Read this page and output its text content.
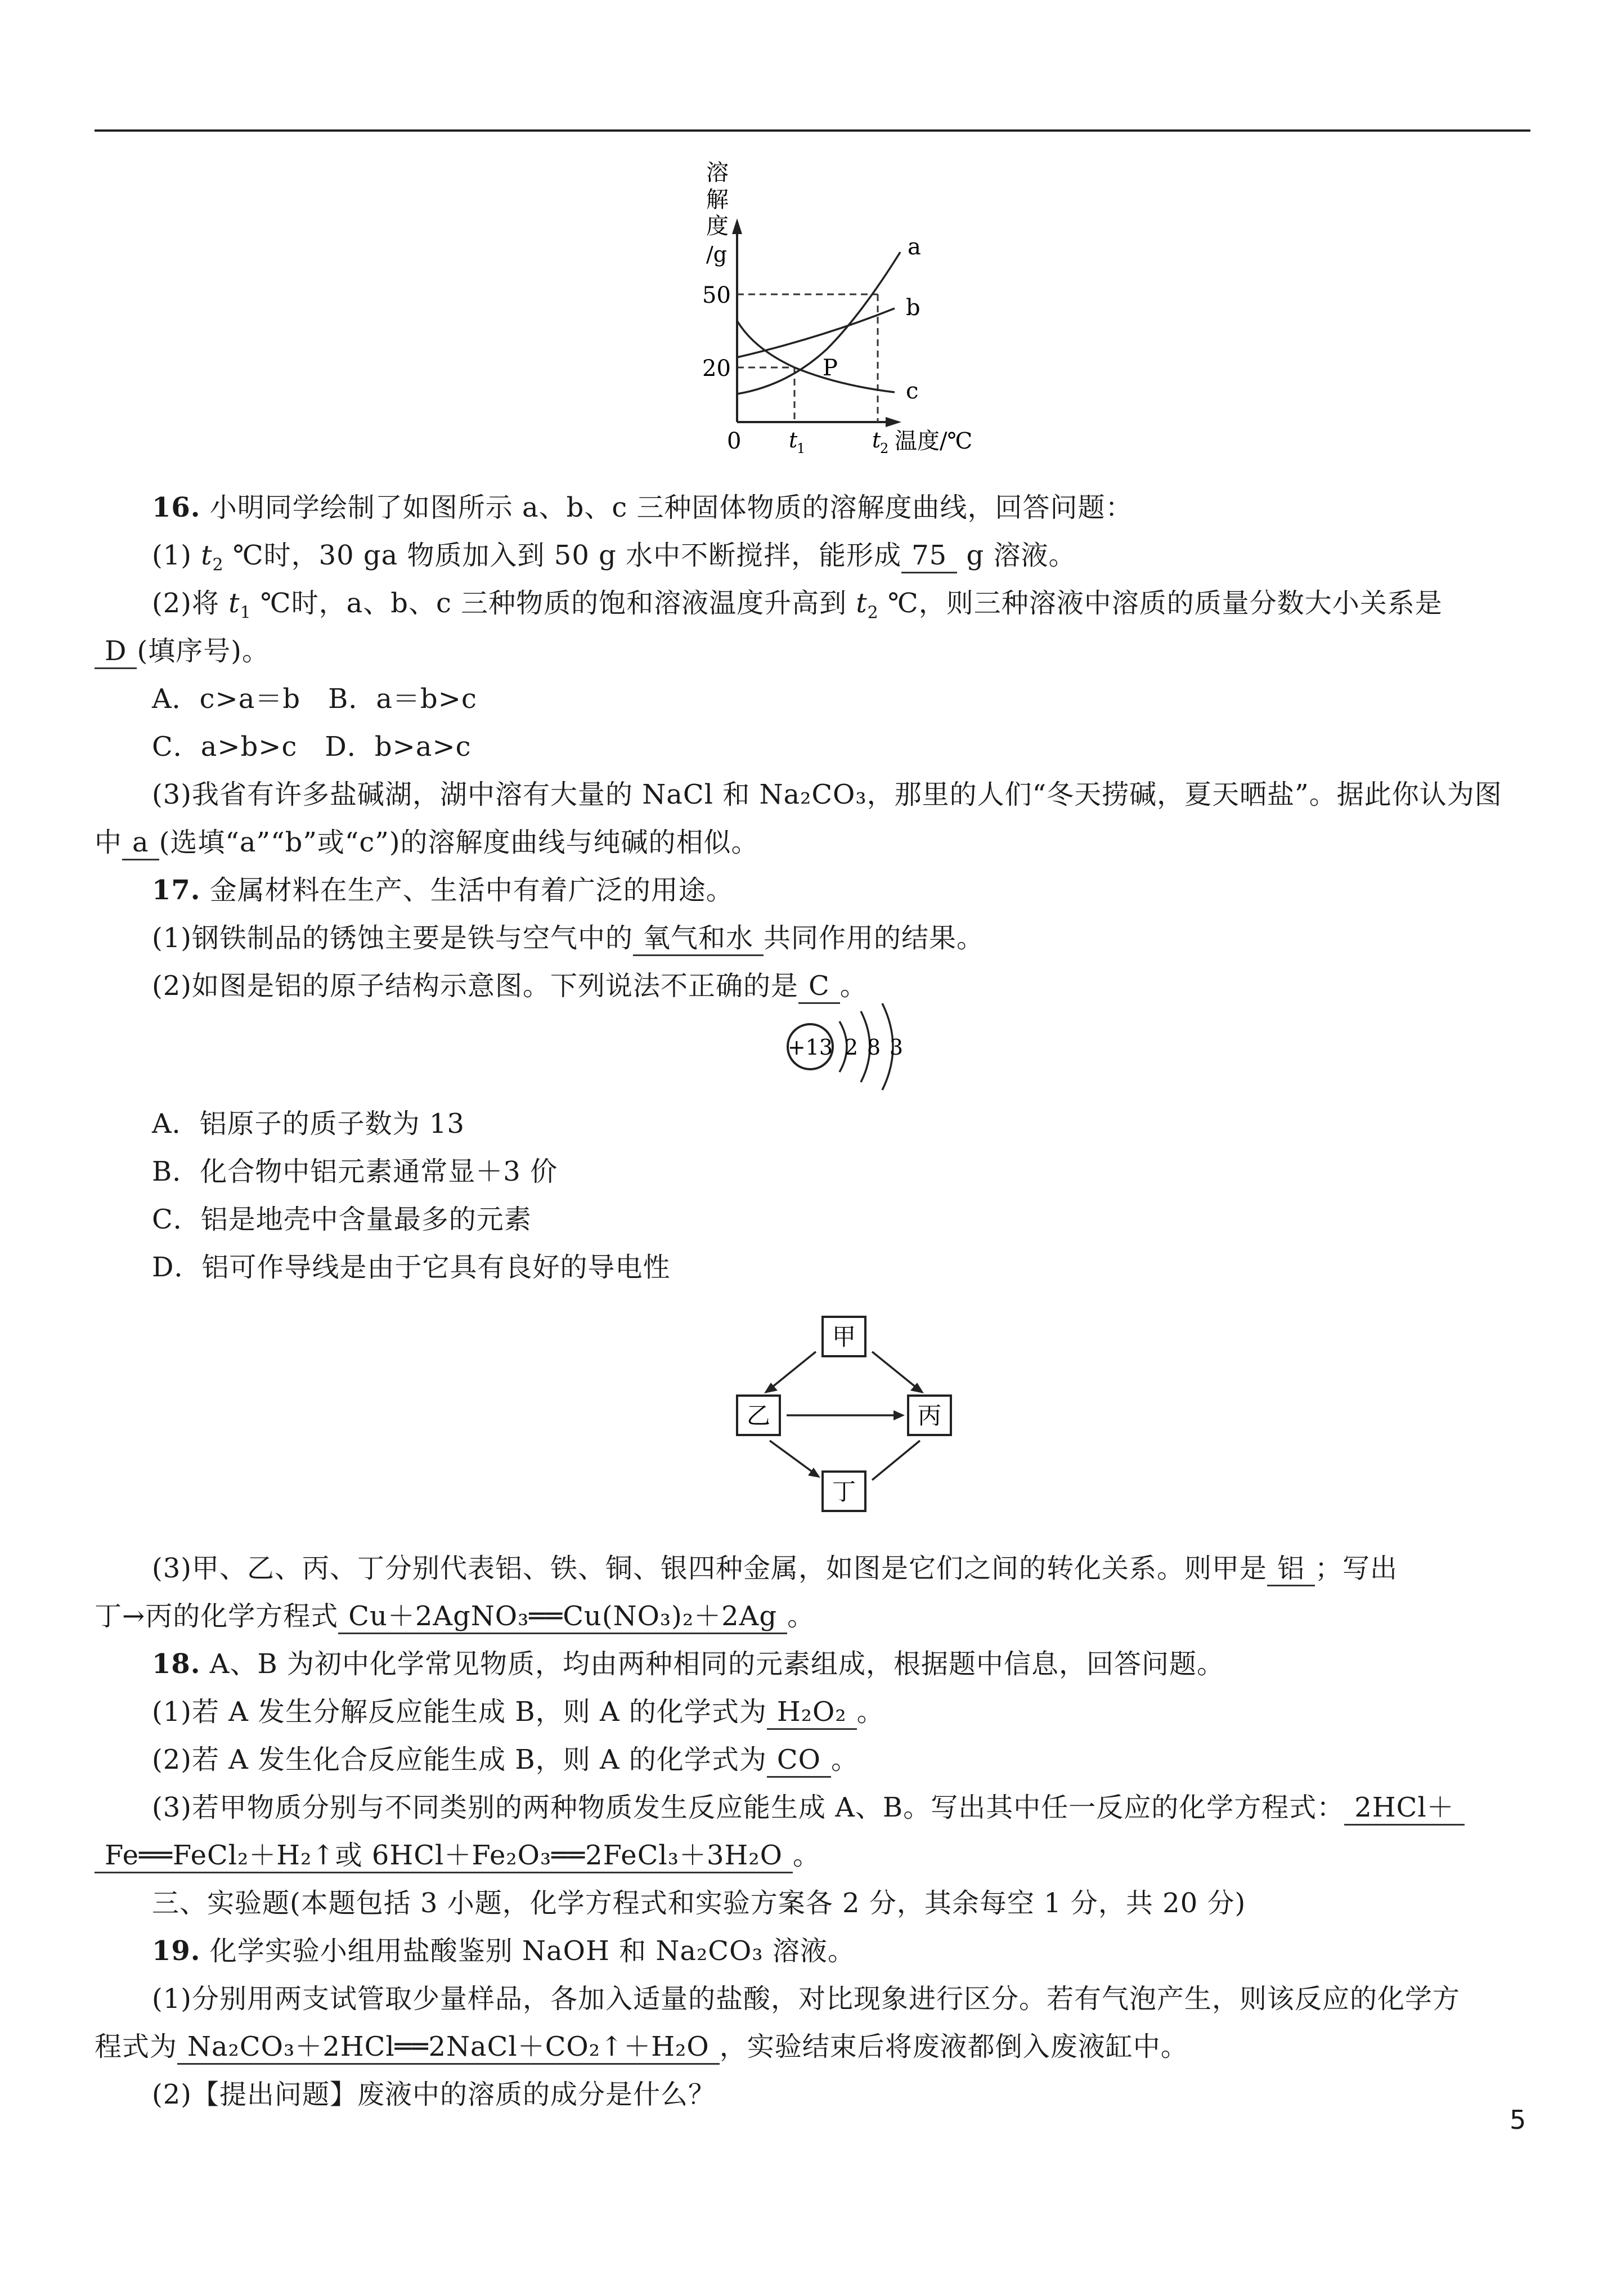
溶
解
度
/g
50
20
0
a
b
c
P
t
1	t
2 温度/℃
16. 小明同学绘制了如图所示 a、b、c 三种固体物质的溶解度曲线，回答问题：
(1) $t_2$ ℃时，30 ga 物质加入到 50 g 水中不断搅拌，能形成 75 g 溶液。
(2)将 $t_1$ ℃时，a、b、c 三种物质的饱和溶液温度升高到 $t_2$ ℃，则三种溶液中溶质的质量分数大小关系是
D (填序号)。
A．c>a＝b　B．a＝b>c
C．a>b>c　D．b>a>c
(3)我省有许多盐碱湖，湖中溶有大量的 NaCl 和 Na₂CO₃，那里的人们“冬天捞碱，夏天晒盐”。据此你认为图
中 a (选填“a”“b”或“c”)的溶解度曲线与纯碱的相似。
17. 金属材料在生产、生活中有着广泛的用途。
(1)钢铁制品的锈蚀主要是铁与空气中的 氧气和水 共同作用的结果。
(2)如图是铝的原子结构示意图。下列说法不正确的是 C 。
+13 2 8 3
A．铝原子的质子数为 13
B．化合物中铝元素通常显＋3 价
C．铝是地壳中含量最多的元素
D．铝可作导线是由于它具有良好的导电性
甲
乙	丙
丁
(3)甲、乙、丙、丁分别代表铝、铁、铜、银四种金属，如图是它们之间的转化关系。则甲是 铝 ；写出
丁→丙的化学方程式 Cu＋2AgNO₃══Cu(NO₃)₂＋2Ag 。
18. A、B 为初中化学常见物质，均由两种相同的元素组成，根据题中信息，回答问题。
(1)若 A 发生分解反应能生成 B，则 A 的化学式为 H₂O₂ 。
(2)若 A 发生化合反应能生成 B，则 A 的化学式为 CO 。
(3)若甲物质分别与不同类别的两种物质发生反应能生成 A、B。写出其中任一反应的化学方程式： 2HCl＋
Fe══FeCl₂＋H₂↑或 6HCl＋Fe₂O₃══2FeCl₃＋3H₂O 。
三、实验题(本题包括 3 小题，化学方程式和实验方案各 2 分，其余每空 1 分，共 20 分)
19. 化学实验小组用盐酸鉴别 NaOH 和 Na₂CO₃ 溶液。
(1)分别用两支试管取少量样品，各加入适量的盐酸，对比现象进行区分。若有气泡产生，则该反应的化学方
程式为 Na₂CO₃＋2HCl══2NaCl＋CO₂↑＋H₂O ，实验结束后将废液都倒入废液缸中。
(2)【提出问题】废液中的溶质的成分是什么？
5
